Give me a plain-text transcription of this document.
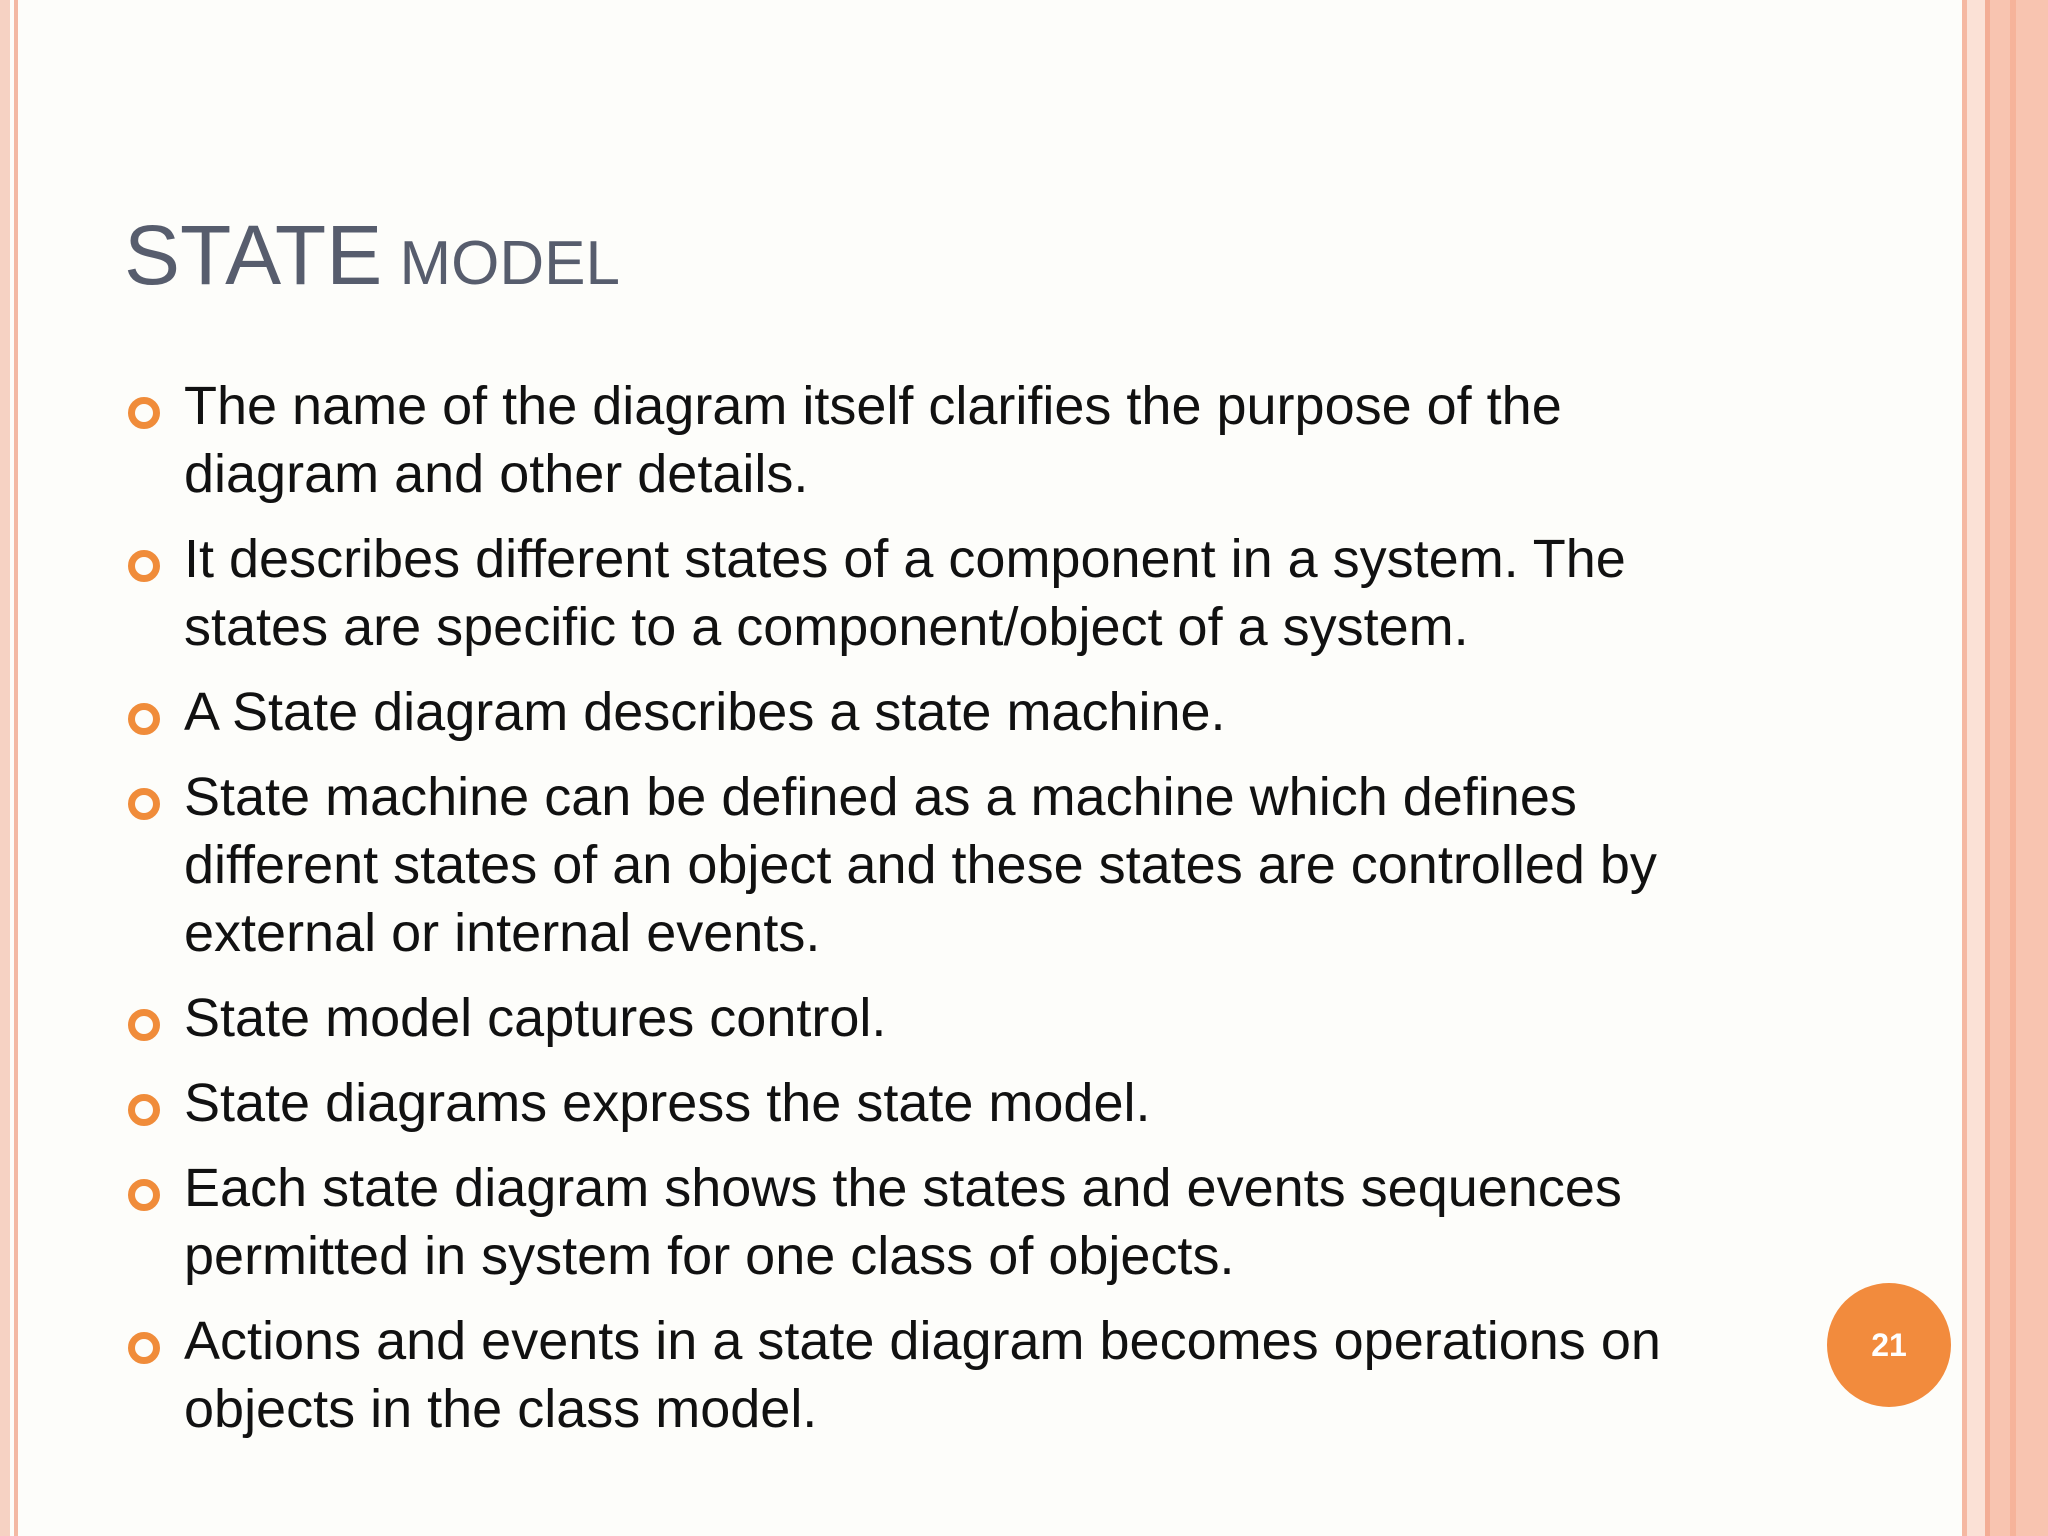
STATE MODEL
The name of the diagram itself clarifies the purpose of the diagram and other details.
It describes different states of a component in a system. The states are specific to a component/object of a system.
A State diagram describes a state machine.
State machine can be defined as a machine which defines different states of an object and these states are controlled by external or internal events.
State model captures control.
State diagrams express the state model.
Each state diagram shows the states and events sequences permitted in system for one class of objects.
Actions and events in a state diagram becomes operations on objects in the class model.
21
